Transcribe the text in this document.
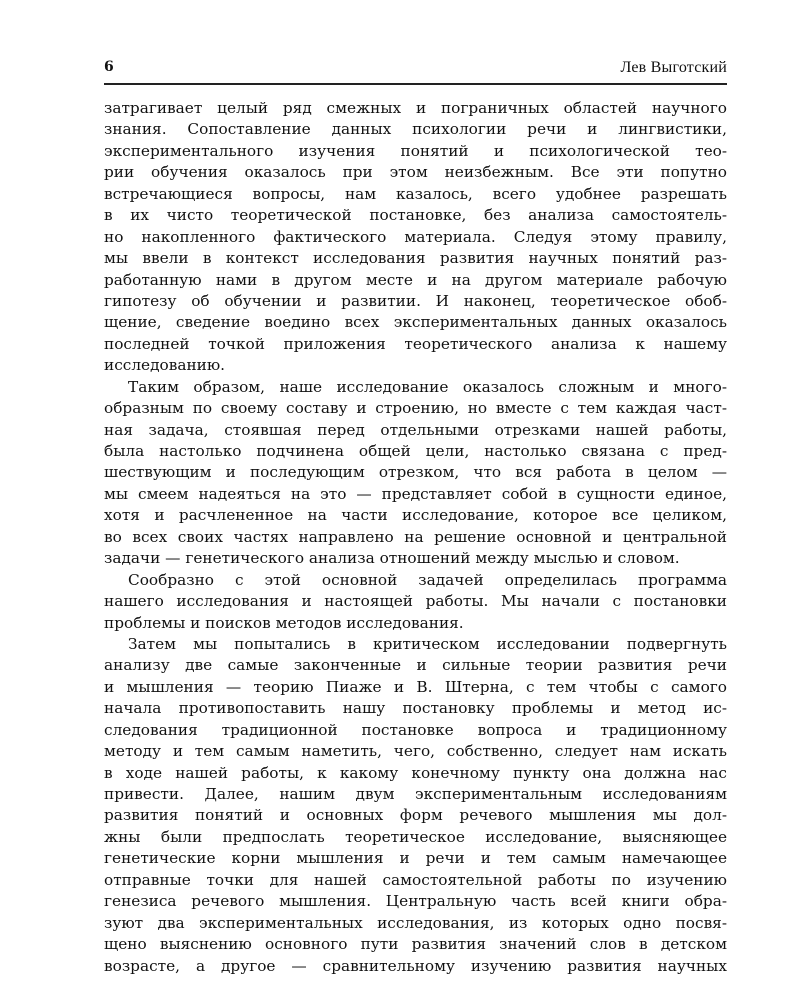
6	Лев Выготский
затрагивает целый ряд смежных и пограничных областей научного
знания. Сопоставление данных психологии речи и лингвистики,
экспериментального изучения понятий и психологической тео-
рии обучения оказалось при этом неизбежным. Все эти попутно
встречающиеся вопросы, нам казалось, всего удобнее разрешать
в их чисто теоретической постановке, без анализа самостоятель-
но накопленного фактического материала. Следуя этому правилу,
мы ввели в контекст исследования развития научных понятий раз-
работанную нами в другом месте и на другом материале рабочую
гипотезу об обучении и развитии. И наконец, теоретическое обоб-
щение, сведение воедино всех экспериментальных данных оказалось
последней точкой приложения теоретического анализа к нашему
исследованию.
Таким образом, наше исследование оказалось сложным и много-
образным по своему составу и строению, но вместе с тем каждая част-
ная задача, стоявшая перед отдельными отрезками нашей работы,
была настолько подчинена общей цели, настолько связана с пред-
шествующим и последующим отрезком, что вся работа в целом —
мы смеем надеяться на это — представляет собой в сущности единое,
хотя и расчлененное на части исследование, которое все целиком,
во всех своих частях направлено на решение основной и центральной
задачи — генетического анализа отношений между мыслью и словом.
Сообразно с этой основной задачей определилась программа
нашего исследования и настоящей работы. Мы начали с постановки
проблемы и поисков методов исследования.
Затем мы попытались в критическом исследовании подвергнуть
анализу две самые законченные и сильные теории развития речи
и мышления — теорию Пиаже и В. Штерна, с тем чтобы с самого
начала противопоставить нашу постановку проблемы и метод ис-
следования традиционной постановке вопроса и традиционному
методу и тем самым наметить, чего, собственно, следует нам искать
в ходе нашей работы, к какому конечному пункту она должна нас
привести. Далее, нашим двум экспериментальным исследованиям
развития понятий и основных форм речевого мышления мы дол-
жны были предпослать теоретическое исследование, выясняющее
генетические корни мышления и речи и тем самым намечающее
отправные точки для нашей самостоятельной работы по изучению
генезиса речевого мышления. Центральную часть всей книги обра-
зуют два экспериментальных исследования, из которых одно посвя-
щено выяснению основного пути развития значений слов в детском
возрасте, а другое — сравнительному изучению развития научных
